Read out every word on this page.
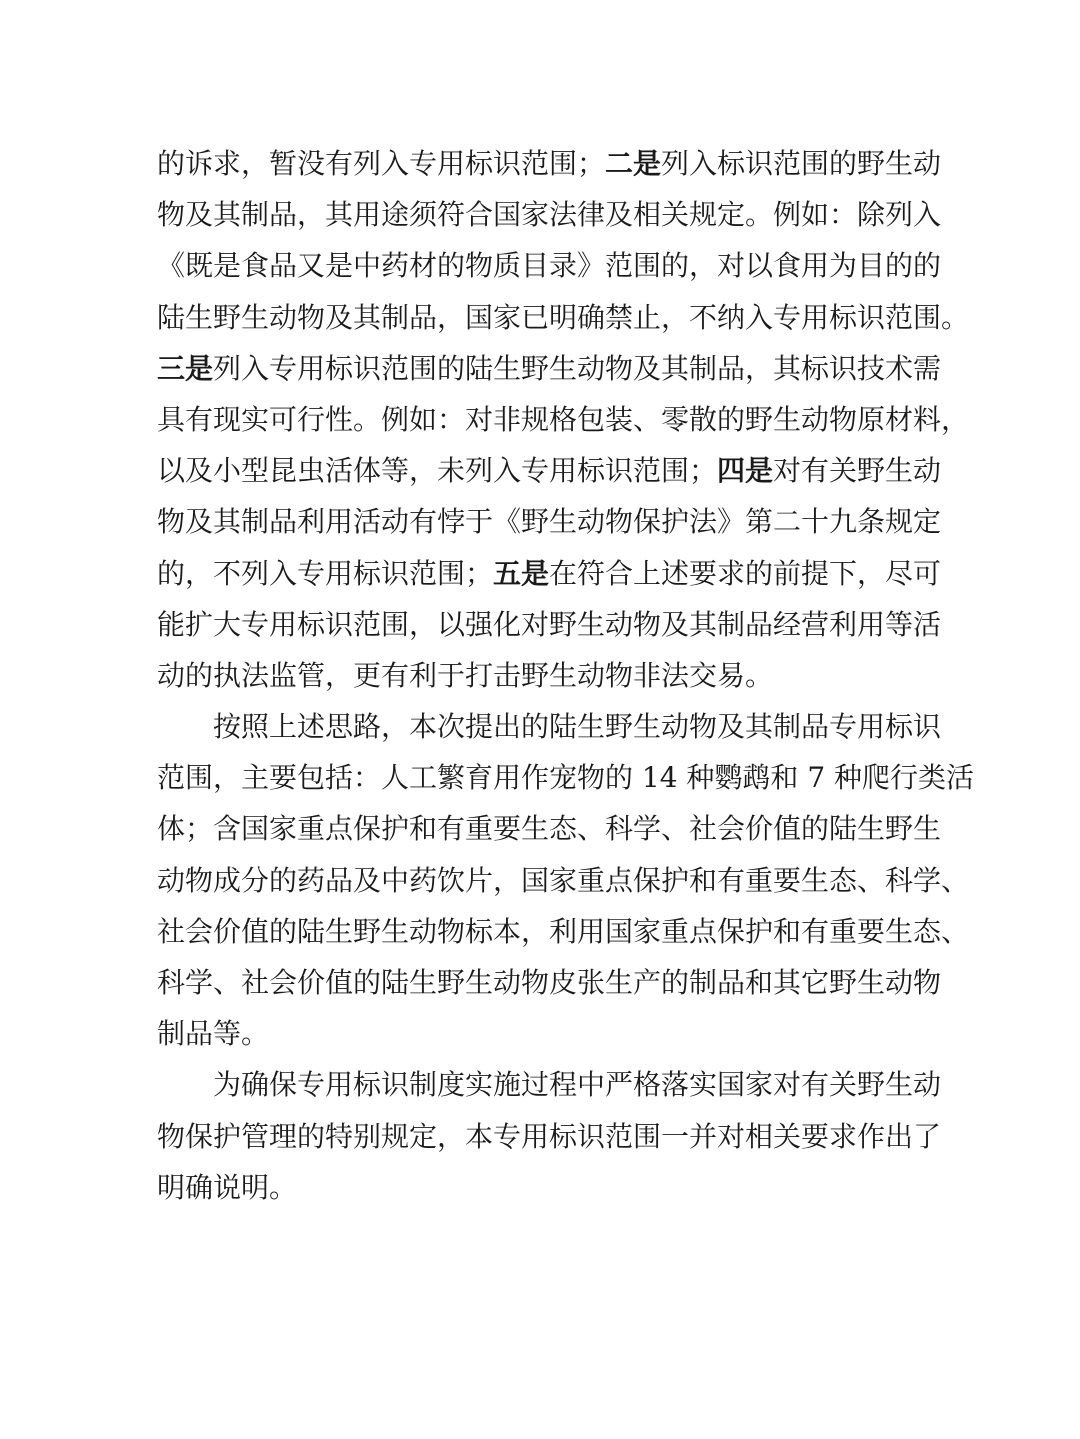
的诉求，暂没有列入专用标识范围；二是列入标识范围的野生动
物及其制品，其用途须符合国家法律及相关规定。例如：除列入
《既是食品又是中药材的物质目录》范围的，对以食用为目的的
陆生野生动物及其制品，国家已明确禁止，不纳入专用标识范围。
三是列入专用标识范围的陆生野生动物及其制品，其标识技术需
具有现实可行性。例如：对非规格包装、零散的野生动物原材料，
以及小型昆虫活体等，未列入专用标识范围；四是对有关野生动
物及其制品利用活动有悖于《野生动物保护法》第二十九条规定
的，不列入专用标识范围；五是在符合上述要求的前提下，尽可
能扩大专用标识范围，以强化对野生动物及其制品经营利用等活
动的执法监管，更有利于打击野生动物非法交易。
按照上述思路，本次提出的陆生野生动物及其制品专用标识
范围，主要包括：人工繁育用作宠物的 14 种鹦鹉和 7 种爬行类活
体；含国家重点保护和有重要生态、科学、社会价值的陆生野生
动物成分的药品及中药饮片，国家重点保护和有重要生态、科学、
社会价值的陆生野生动物标本，利用国家重点保护和有重要生态、
科学、社会价值的陆生野生动物皮张生产的制品和其它野生动物
制品等。
为确保专用标识制度实施过程中严格落实国家对有关野生动
物保护管理的特别规定，本专用标识范围一并对相关要求作出了
明确说明。
